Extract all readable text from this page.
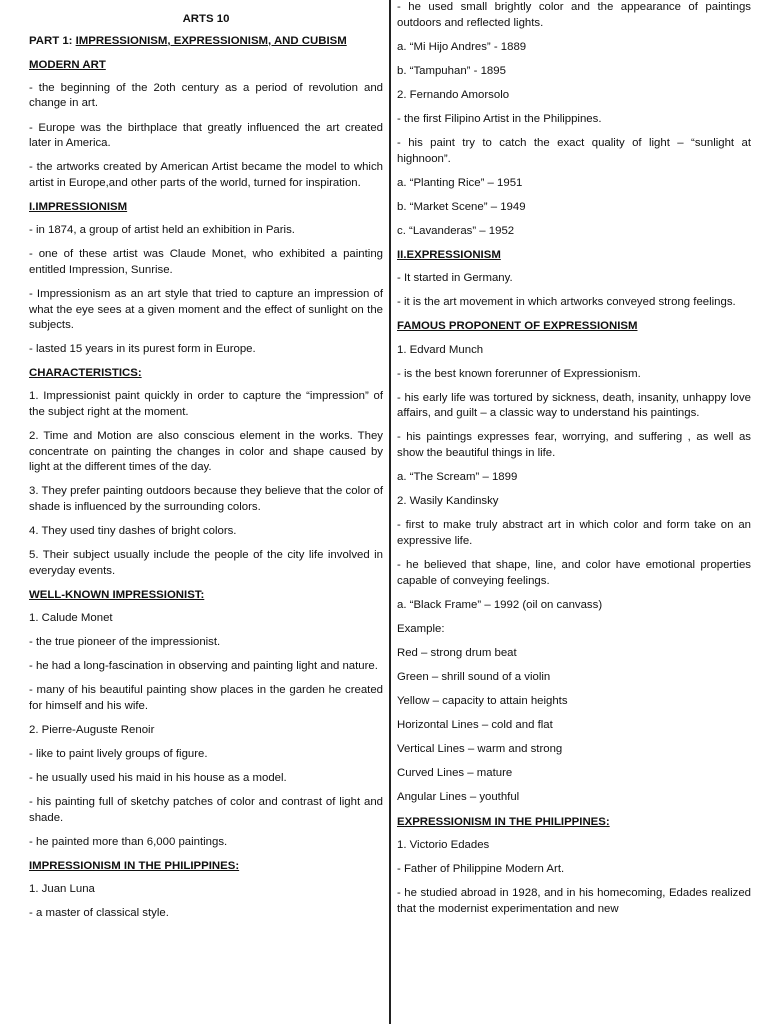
ARTS 10

PART 1: IMPRESSIONISM, EXPRESSIONISM, AND CUBISM

MODERN ART

- the beginning of the 2oth century as a period of revolution and change in art.

- Europe was the birthplace that greatly influenced the art created later in America.

- the artworks created by American Artist became the model to which artist in Europe,and other parts of the world, turned for inspiration.

I.IMPRESSIONISM

- in 1874, a group of artist held an exhibition in Paris.

- one of these artist was Claude Monet, who exhibited a painting entitled Impression, Sunrise.

- Impressionism as an art style that tried to capture an impression of what the eye sees at a given moment and the effect of sunlight on the subjects.

- lasted 15 years in its purest form in Europe.

CHARACTERISTICS:

1. Impressionist paint quickly in order to capture the “impression” of the subject right at the moment.

2. Time and Motion are also conscious element in the works. They concentrate on painting the changes in color and shape caused by light at the different times of the day.

3. They prefer painting outdoors because they believe that the color of shade is influenced by the surrounding colors.

4. They used tiny dashes of bright colors.

5. Their subject usually include the people of the city life involved in everyday events.

WELL-KNOWN IMPRESSIONIST:

1. Calude Monet

- the true pioneer of the impressionist.

- he had a long-fascination in observing and painting light and nature.

- many of his beautiful painting show places in the garden he created for himself and his wife.

2. Pierre-Auguste Renoir

- like to paint lively groups of figure.

- he usually used his maid in his house as a model.

- his painting full of sketchy patches of color and contrast of light and shade.

- he painted more than 6,000 paintings.

IMPRESSIONISM IN THE PHILIPPINES:

1. Juan Luna

- a master of classical style.

- he used small brightly color and the appearance of paintings outdoors and reflected lights.

a. “Mi Hijo Andres” - 1889

b. “Tampuhan” - 1895

2. Fernando Amorsolo

- the first Filipino Artist in the Philippines.

- his paint try to catch the exact quality of light – “sunlight at highnoon”.

a. “Planting Rice” – 1951

b. “Market Scene” – 1949

c. “Lavanderas” – 1952

II.EXPRESSIONISM

- It started in Germany.

- it is the art movement in which artworks conveyed strong feelings.

FAMOUS PROPONENT OF EXPRESSIONISM

1. Edvard Munch

- is the best known forerunner of Expressionism.

- his early life was tortured by sickness, death, insanity, unhappy love affairs, and guilt – a classic way to understand his paintings.

- his paintings expresses fear, worrying, and suffering , as well as show the beautiful things in life.

a. “The Scream” – 1899

2. Wasily Kandinsky

- first to make truly abstract art in which color and form take on an expressive life.

- he believed that shape, line, and color have emotional properties capable of conveying feelings.

a. “Black Frame” – 1992 (oil on canvass)

Example:

Red – strong drum beat

Green – shrill sound of a violin

Yellow – capacity to attain heights

Horizontal Lines – cold and flat

Vertical Lines – warm and strong

Curved Lines – mature

Angular Lines – youthful

EXPRESSIONISM IN THE PHILIPPINES:

1. Victorio Edades

- Father of Philippine Modern Art.

- he studied abroad in 1928, and in his homecoming, Edades realized that the modernist experimentation and new
